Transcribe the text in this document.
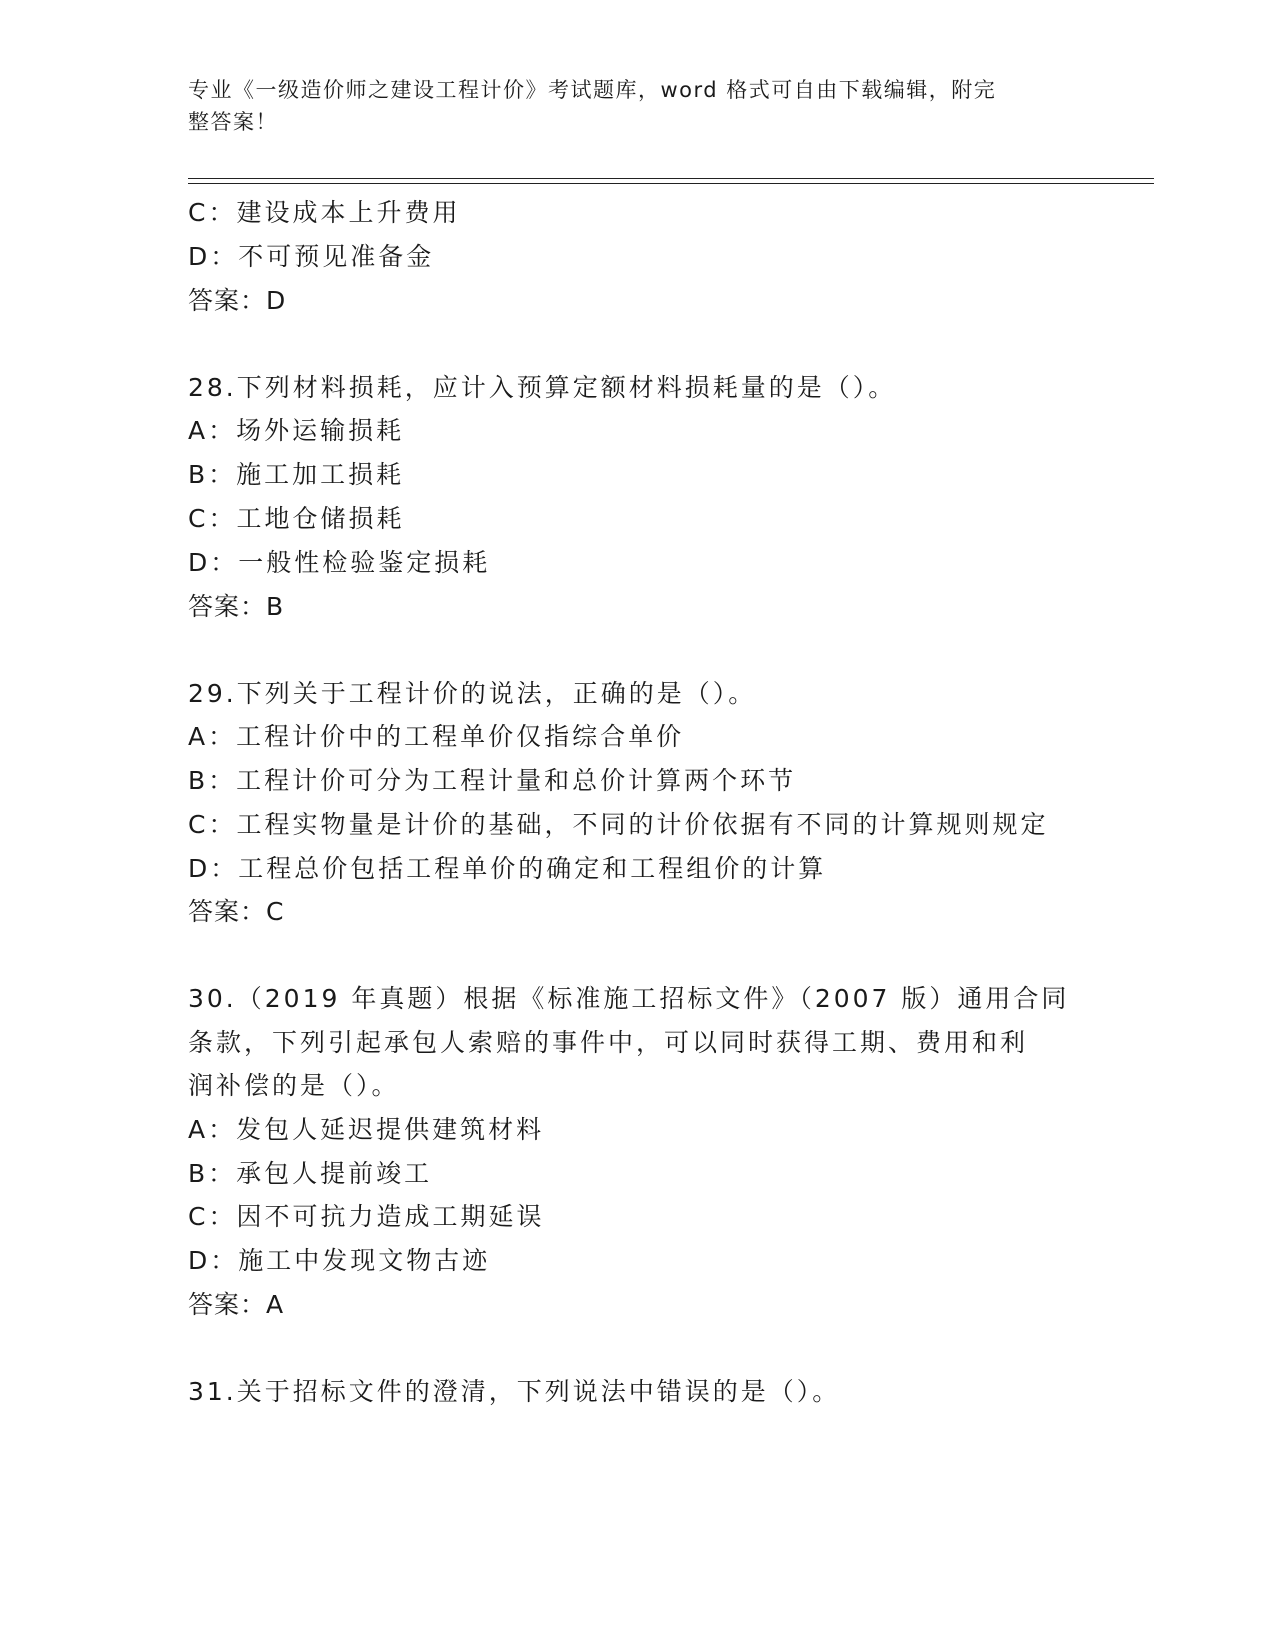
专业《一级造价师之建设工程计价》考试题库，word 格式可自由下载编辑，附完
整答案！
C：建设成本上升费用
D：不可预见准备金
答案：D
28.下列材料损耗，应计入预算定额材料损耗量的是（）。
A：场外运输损耗
B：施工加工损耗
C：工地仓储损耗
D：一般性检验鉴定损耗
答案：B
29.下列关于工程计价的说法，正确的是（）。
A：工程计价中的工程单价仅指综合单价
B：工程计价可分为工程计量和总价计算两个环节
C：工程实物量是计价的基础，不同的计价依据有不同的计算规则规定
D：工程总价包括工程单价的确定和工程组价的计算
答案：C
30.（2019 年真题）根据《标准施工招标文件》（2007 版）通用合同
条款，下列引起承包人索赔的事件中，可以同时获得工期、费用和利
润补偿的是（）。
A：发包人延迟提供建筑材料
B：承包人提前竣工
C：因不可抗力造成工期延误
D：施工中发现文物古迹
答案：A
31.关于招标文件的澄清，下列说法中错误的是（）。
